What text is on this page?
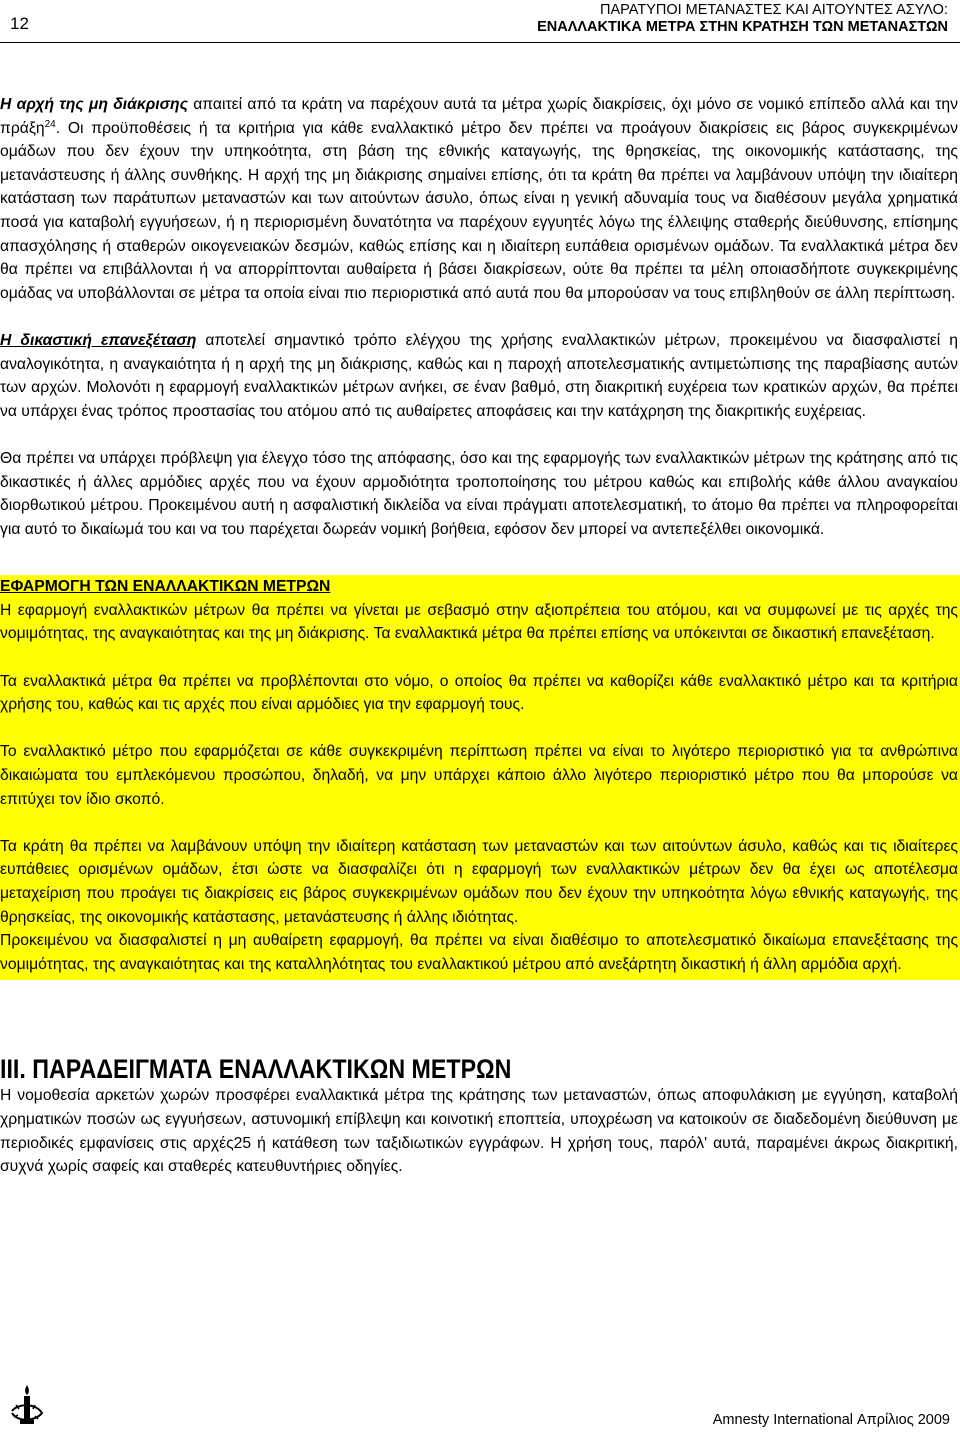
12
ΠΑΡΑΤΥΠΟΙ ΜΕΤΑΝΑΣΤΕΣ ΚΑΙ ΑΙΤΟΥΝΤΕΣ ΑΣΥΛΟ:
ΕΝΑΛΛΑΚΤΙΚΑ ΜΕΤΡΑ ΣΤΗΝ ΚΡΑΤΗΣΗ ΤΩΝ ΜΕΤΑΝΑΣΤΩΝ

Η αρχή της μη διάκρισης απαιτεί από τα κράτη να παρέχουν αυτά τα μέτρα χωρίς διακρίσεις, όχι μόνο σε νομικό επίπεδο αλλά και την πράξη$^{24}$. Οι προϋποθέσεις ή τα κριτήρια για κάθε εναλλακτικό μέτρο δεν πρέπει να προάγουν διακρίσεις εις βάρος συγκεκριμένων ομάδων που δεν έχουν την υπηκοότητα, στη βάση της εθνικής καταγωγής, της θρησκείας, της οικονομικής κατάστασης, της μετανάστευσης ή άλλης συνθήκης. Η αρχή της μη διάκρισης σημαίνει επίσης, ότι τα κράτη θα πρέπει να λαμβάνουν υπόψη την ιδιαίτερη κατάσταση των παράτυπων μεταναστών και των αιτούντων άσυλο, όπως είναι η γενική αδυναμία τους να διαθέσουν μεγάλα χρηματικά ποσά για καταβολή εγγυήσεων, ή η περιορισμένη δυνατότητα να παρέχουν εγγυητές λόγω της έλλειψης σταθερής διεύθυνσης, επίσημης απασχόλησης ή σταθερών οικογενειακών δεσμών, καθώς επίσης και η ιδιαίτερη ευπάθεια ορισμένων ομάδων. Τα εναλλακτικά μέτρα δεν θα πρέπει να επιβάλλονται ή να απορρίπτονται αυθαίρετα ή βάσει διακρίσεων, ούτε θα πρέπει τα μέλη οποιασδήποτε συγκεκριμένης ομάδας να υποβάλλονται σε μέτρα τα οποία είναι πιο περιοριστικά από αυτά που θα μπορούσαν να τους επιβληθούν σε άλλη περίπτωση.

Η δικαστική επανεξέταση αποτελεί σημαντικό τρόπο ελέγχου της χρήσης εναλλακτικών μέτρων, προκειμένου να διασφαλιστεί η αναλογικότητα, η αναγκαιότητα ή η αρχή της μη διάκρισης, καθώς και η παροχή αποτελεσματικής αντιμετώπισης της παραβίασης αυτών των αρχών. Μολονότι η εφαρμογή εναλλακτικών μέτρων ανήκει, σε έναν βαθμό, στη διακριτική ευχέρεια των κρατικών αρχών, θα πρέπει να υπάρχει ένας τρόπος προστασίας του ατόμου από τις αυθαίρετες αποφάσεις και την κατάχρηση της διακριτικής ευχέρειας.

Θα πρέπει να υπάρχει πρόβλεψη για έλεγχο τόσο της απόφασης, όσο και της εφαρμογής των εναλλακτικών μέτρων της κράτησης από τις δικαστικές ή άλλες αρμόδιες αρχές που να έχουν αρμοδιότητα τροποποίησης του μέτρου καθώς και επιβολής κάθε άλλου αναγκαίου διορθωτικού μέτρου. Προκειμένου αυτή η ασφαλιστική δικλείδα να είναι πράγματι αποτελεσματική, το άτομο θα πρέπει να πληροφορείται για αυτό το δικαίωμά του και να του παρέχεται δωρεάν νομική βοήθεια, εφόσον δεν μπορεί να αντεπεξέλθει οικονομικά.

ΕΦΑΡΜΟΓΗ ΤΩΝ ΕΝΑΛΛΑΚΤΙΚΩΝ ΜΕΤΡΩΝ

Η εφαρμογή εναλλακτικών μέτρων θα πρέπει να γίνεται με σεβασμό στην αξιοπρέπεια του ατόμου, και να συμφωνεί με τις αρχές της νομιμότητας, της αναγκαιότητας και της μη διάκρισης. Τα εναλλακτικά μέτρα θα πρέπει επίσης να υπόκεινται σε δικαστική επανεξέταση.

Τα εναλλακτικά μέτρα θα πρέπει να προβλέπονται στο νόμο, ο οποίος θα πρέπει να καθορίζει κάθε εναλλακτικό μέτρο και τα κριτήρια χρήσης του, καθώς και τις αρχές που είναι αρμόδιες για την εφαρμογή τους.

Το εναλλακτικό μέτρο που εφαρμόζεται σε κάθε συγκεκριμένη περίπτωση πρέπει να είναι το λιγότερο περιοριστικό για τα ανθρώπινα δικαιώματα του εμπλεκόμενου προσώπου, δηλαδή, να μην υπάρχει κάποιο άλλο λιγότερο περιοριστικό μέτρο που θα μπορούσε να επιτύχει τον ίδιο σκοπό.

Τα κράτη θα πρέπει να λαμβάνουν υπόψη την ιδιαίτερη κατάσταση των μεταναστών και των αιτούντων άσυλο, καθώς και τις ιδιαίτερες ευπάθειες ορισμένων ομάδων, έτσι ώστε να διασφαλίζει ότι η εφαρμογή των εναλλακτικών μέτρων δεν θα έχει ως αποτέλεσμα μεταχείριση που προάγει τις διακρίσεις εις βάρος συγκεκριμένων ομάδων που δεν έχουν την υπηκοότητα λόγω εθνικής καταγωγής, της θρησκείας, της οικονομικής κατάστασης, μετανάστευσης ή άλλης ιδιότητας.

Προκειμένου να διασφαλιστεί η μη αυθαίρετη εφαρμογή, θα πρέπει να είναι διαθέσιμο το αποτελεσματικό δικαίωμα επανεξέτασης της νομιμότητας, της αναγκαιότητας και της καταλληλότητας του εναλλακτικού μέτρου από ανεξάρτητη δικαστική ή άλλη αρμόδια αρχή.

ΙΙΙ. ΠΑΡΑΔΕΙΓΜΑΤΑ ΕΝΑΛΛΑΚΤΙΚΩΝ ΜΕΤΡΩΝ

Η νομοθεσία αρκετών χωρών προσφέρει εναλλακτικά μέτρα της κράτησης των μεταναστών, όπως αποφυλάκιση με εγγύηση, καταβολή χρηματικών ποσών ως εγγυήσεων, αστυνομική επίβλεψη και κοινοτική εποπτεία, υποχρέωση να κατοικούν σε διαδεδομένη διεύθυνση με περιοδικές εμφανίσεις στις αρχές25 ή κατάθεση των ταξιδιωτικών εγγράφων. Η χρήση τους, παρόλ' αυτά, παραμένει άκρως διακριτική, συχνά χωρίς σαφείς και σταθερές κατευθυντήριες οδηγίες.

Amnesty International Απρίλιος 2009
